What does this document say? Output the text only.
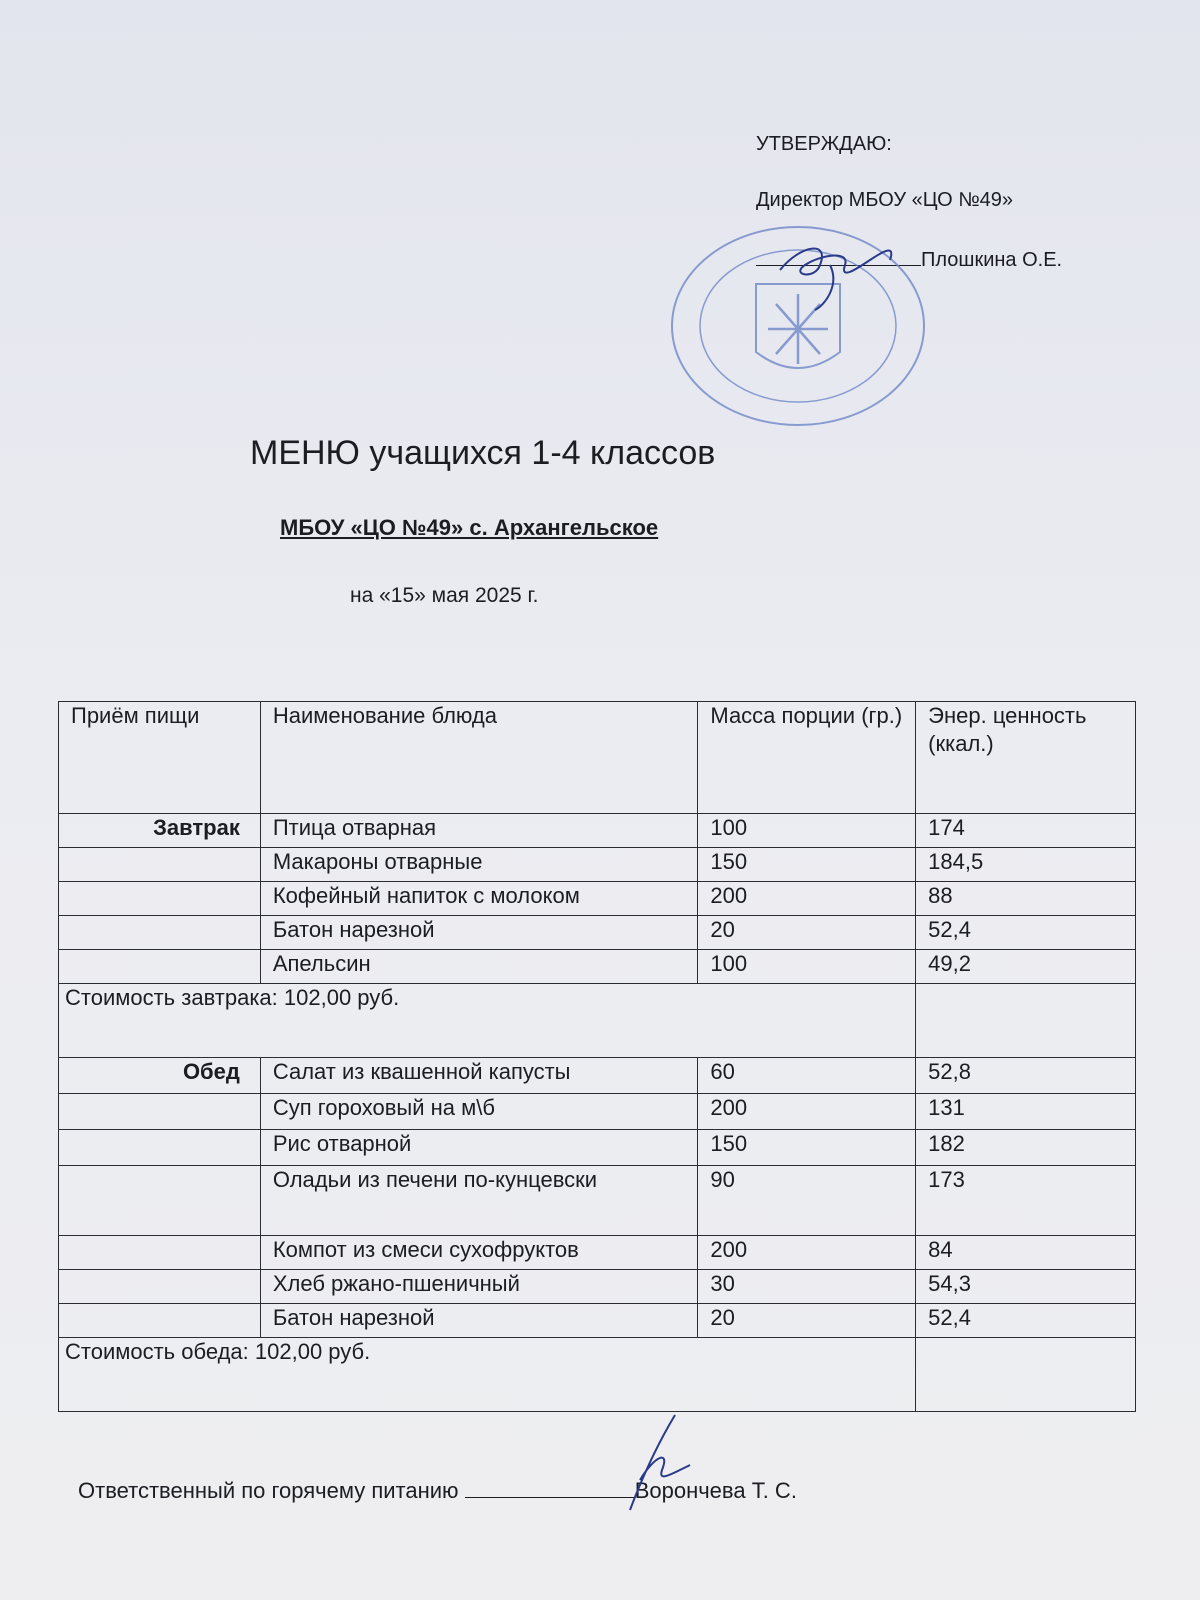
УТВЕРЖДАЮ:
Директор МБОУ «ЦО №49»
Плошкина О.Е.
МЕНЮ учащихся 1-4 классов
МБОУ «ЦО №49» с. Архангельское
на «15» мая 2025 г.
Приём пищи	Наименование блюда	Масса порции (гр.)	Энер. ценность (ккал.)
Завтрак	Птица отварная	100	174
	Макароны отварные	150	184,5
	Кофейный напиток с молоком	200	88
	Батон нарезной	20	52,4
	Апельсин	100	49,2
Стоимость завтрака: 102,00 руб.			
Обед	Салат из квашенной капусты	60	52,8
	Суп гороховый на м\б	200	131
	Рис отварной	150	182
	Оладьи из печени по-кунцевски	90	173
	Компот из смеси сухофруктов	200	84
	Хлеб ржано-пшеничный	30	54,3
	Батон нарезной	20	52,4
Стоимость обеда: 102,00 руб.			
Ответственный по горячему питанию	Ворончева Т. С.
